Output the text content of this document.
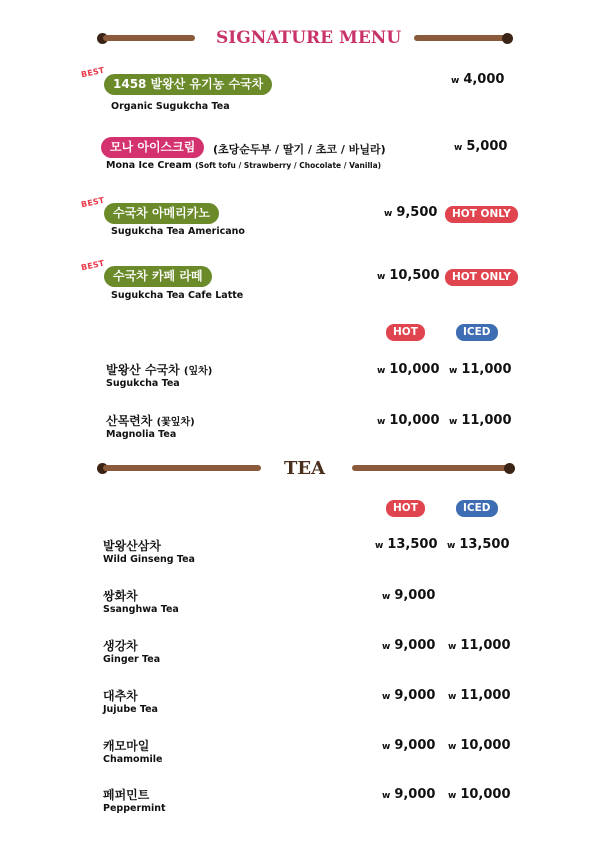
SIGNATURE MENU
BEST
1458 발왕산 유기농 수국차
Organic Sugukcha Tea
w 4,000
모나 아이스크림	(초당순두부 / 딸기 / 초코 / 바닐라)
Mona Ice Cream (Soft tofu / Strawberry / Chocolate / Vanilla)
w 5,000
BEST
수국차 아메리카노
Sugukcha Tea Americano
w 9,500	HOT ONLY
BEST
수국차 카페 라떼
Sugukcha Tea Cafe Latte
w 10,500	HOT ONLY
HOT	ICED
발왕산 수국차 (잎차)
Sugukcha Tea
w 10,000 w 11,000
산목련차 (꽃잎차)
Magnolia Tea
w 10,000 w 11,000
TEA
HOT	ICED
발왕산삼차
Wild Ginseng Tea
w 13,500 w 13,500
쌍화차
Ssanghwa Tea
w 9,000
생강차
Ginger Tea
w 9,000 w 11,000
대추차
Jujube Tea
w 9,000 w 11,000
캐모마일
Chamomile
w 9,000 w 10,000
페퍼민트
Peppermint
w 9,000 w 10,000
